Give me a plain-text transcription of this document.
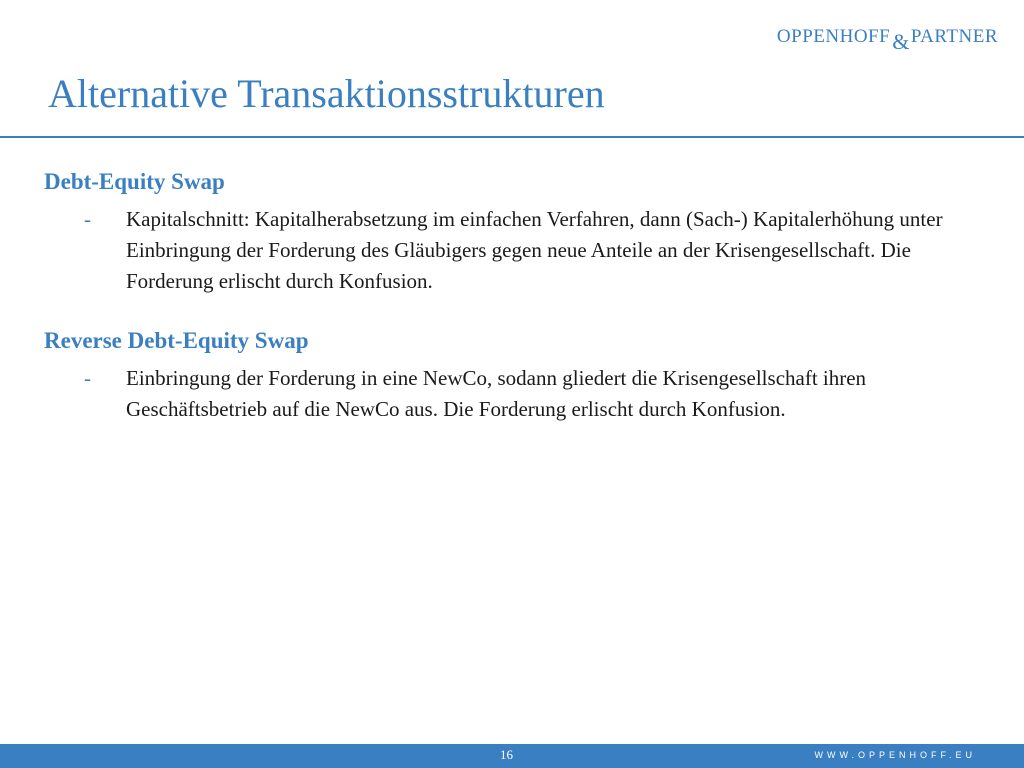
OPPENHOFF&PARTNER
Alternative Transaktionsstrukturen
Debt-Equity Swap
- Kapitalschnitt: Kapitalherabsetzung im einfachen Verfahren, dann (Sach-) Kapitalerhöhung unter Einbringung der Forderung des Gläubigers gegen neue Anteile an der Krisengesellschaft. Die Forderung erlischt durch Konfusion.
Reverse Debt-Equity Swap
- Einbringung der Forderung in eine NewCo, sodann gliedert die Krisengesellschaft ihren Geschäftsbetrieb auf die NewCo aus. Die Forderung erlischt durch Konfusion.
16	WWW.OPPENHOFF.EU
